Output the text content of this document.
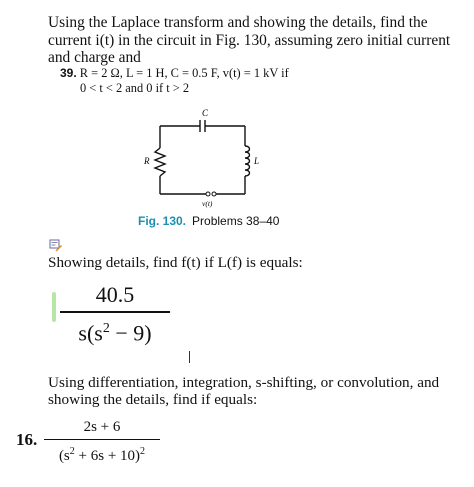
Using the Laplace transform and showing the details, find the current i(t) in the circuit in Fig. 130, assuming zero initial current and charge and
39. R = 2 Ω, L = 1 H, C = 0.5 F, v(t) = 1 kV if
0 < t < 2 and 0 if t > 2
C
R	L
v(t)
Fig. 130. Problems 38–40
Showing details, find f(t) if L(f) is equals:
40.5
$s(s^2 - 9)$
Using differentiation, integration, s-shifting, or convolution, and showing the details, find if equals:
16.
2s + 6
$(s^2 + 6s + 10)^2$
